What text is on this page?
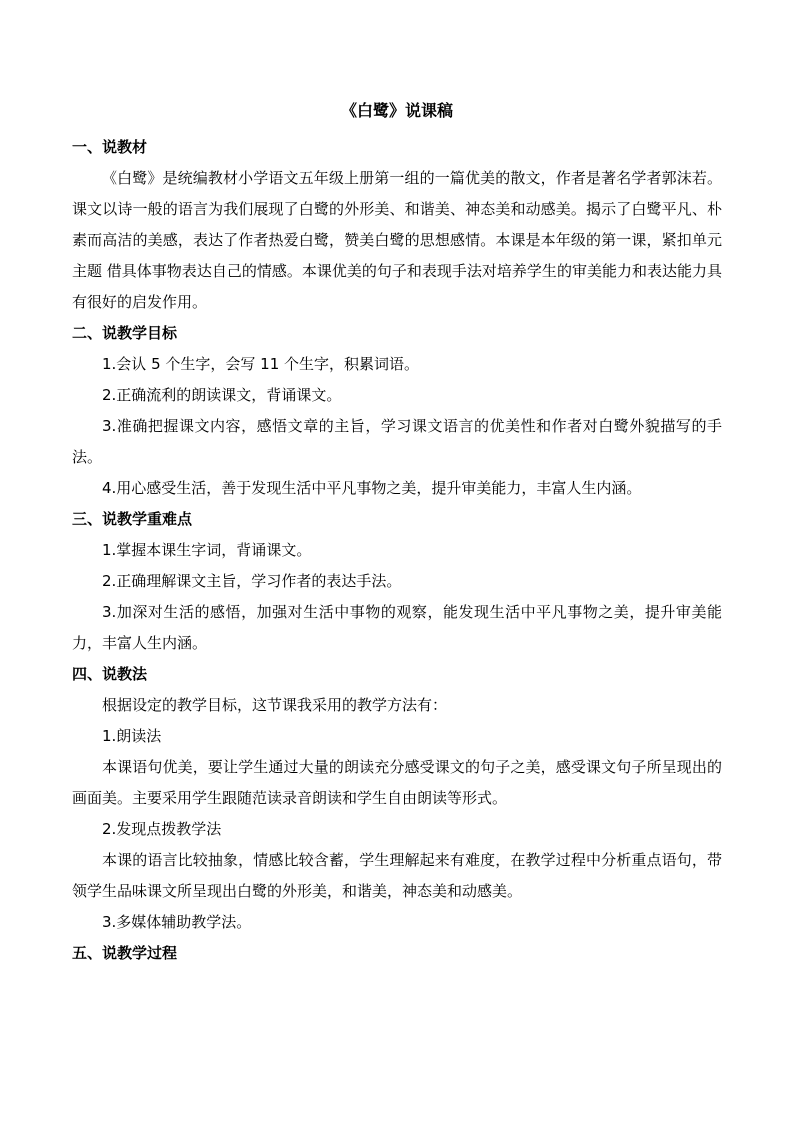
《白鹭》说课稿
一、说教材

《白鹭》是统编教材小学语文五年级上册第一组的一篇优美的散文，作者是著名学者郭沫若。课文以诗一般的语言为我们展现了白鹭的外形美、和谐美、神态美和动感美。揭示了白鹭平凡、朴素而高洁的美感，表达了作者热爱白鹭，赞美白鹭的思想感情。本课是本年级的第一课，紧扣单元主题 借具体事物表达自己的情感。本课优美的句子和表现手法对培养学生的审美能力和表达能力具有很好的启发作用。

二、说教学目标

1.会认 5 个生字，会写 11 个生字，积累词语。

2.正确流利的朗读课文，背诵课文。

3.准确把握课文内容，感悟文章的主旨，学习课文语言的优美性和作者对白鹭外貌描写的手法。

4.用心感受生活，善于发现生活中平凡事物之美，提升审美能力，丰富人生内涵。

三、说教学重难点

1.掌握本课生字词，背诵课文。

2.正确理解课文主旨，学习作者的表达手法。

3.加深对生活的感悟，加强对生活中事物的观察，能发现生活中平凡事物之美，提升审美能力，丰富人生内涵。

四、说教法

根据设定的教学目标，这节课我采用的教学方法有：

1.朗读法

本课语句优美，要让学生通过大量的朗读充分感受课文的句子之美，感受课文句子所呈现出的画面美。主要采用学生跟随范读录音朗读和学生自由朗读等形式。

2.发现点拨教学法

本课的语言比较抽象，情感比较含蓄，学生理解起来有难度，在教学过程中分析重点语句，带领学生品味课文所呈现出白鹭的外形美，和谐美，神态美和动感美。

3.多媒体辅助教学法。

五、说教学过程
